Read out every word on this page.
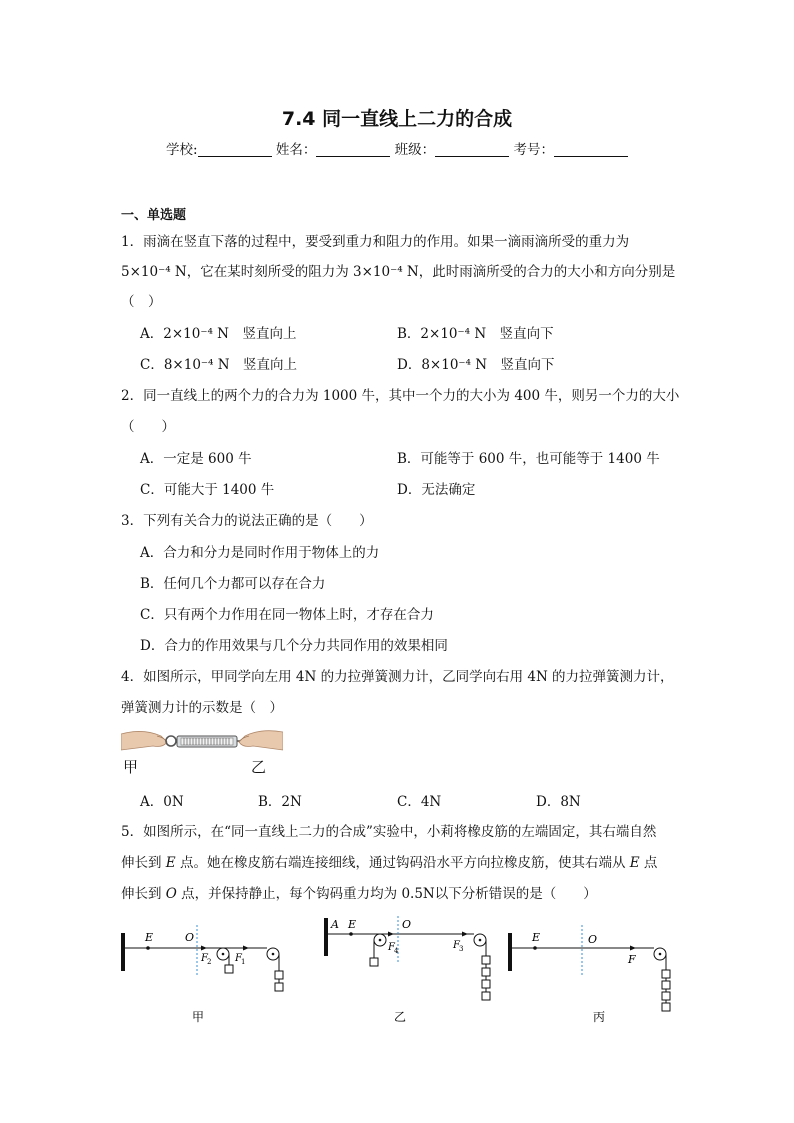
7.4 同一直线上二力的合成
学校:	姓名：	班级：	考号：
一、单选题
1．雨滴在竖直下落的过程中，要受到重力和阻力的作用。如果一滴雨滴所受的重力为
5×10⁻⁴ N，它在某时刻所受的阻力为 3×10⁻⁴ N，此时雨滴所受的合力的大小和方向分别是
（　）
A．2×10⁻⁴ N　竖直向上	B．2×10⁻⁴ N　竖直向下
C．8×10⁻⁴ N　竖直向上	D．8×10⁻⁴ N　竖直向下
2．同一直线上的两个力的合力为 1000 牛，其中一个力的大小为 400 牛，则另一个力的大小
（　　）
A．一定是 600 牛	B．可能等于 600 牛，也可能等于 1400 牛
C．可能大于 1400 牛	D．无法确定
3．下列有关合力的说法正确的是（　　）
A．合力和分力是同时作用于物体上的力
B．任何几个力都可以存在合力
C．只有两个力作用在同一物体上时，才存在合力
D．合力的作用效果与几个分力共同作用的效果相同
4．如图所示，甲同学向左用 4N 的力拉弹簧测力计，乙同学向右用 4N 的力拉弹簧测力计，
弹簧测力计的示数是（　）
甲	乙
A．0N	B．2N	C．4N	D．8N
5．如图所示，在“同一直线上二力的合成”实验中，小莉将橡皮筋的左端固定，其右端自然
伸长到 E 点。她在橡皮筋右端连接细线，通过钩码沿水平方向拉橡皮筋，使其右端从 E 点
伸长到 O 点，并保持静止，每个钩码重力均为 0.5N以下分析错误的是（　　）
E	O
F 2 F 1
甲
A E	O
F 4	F 3
乙
E	O
F
丙
